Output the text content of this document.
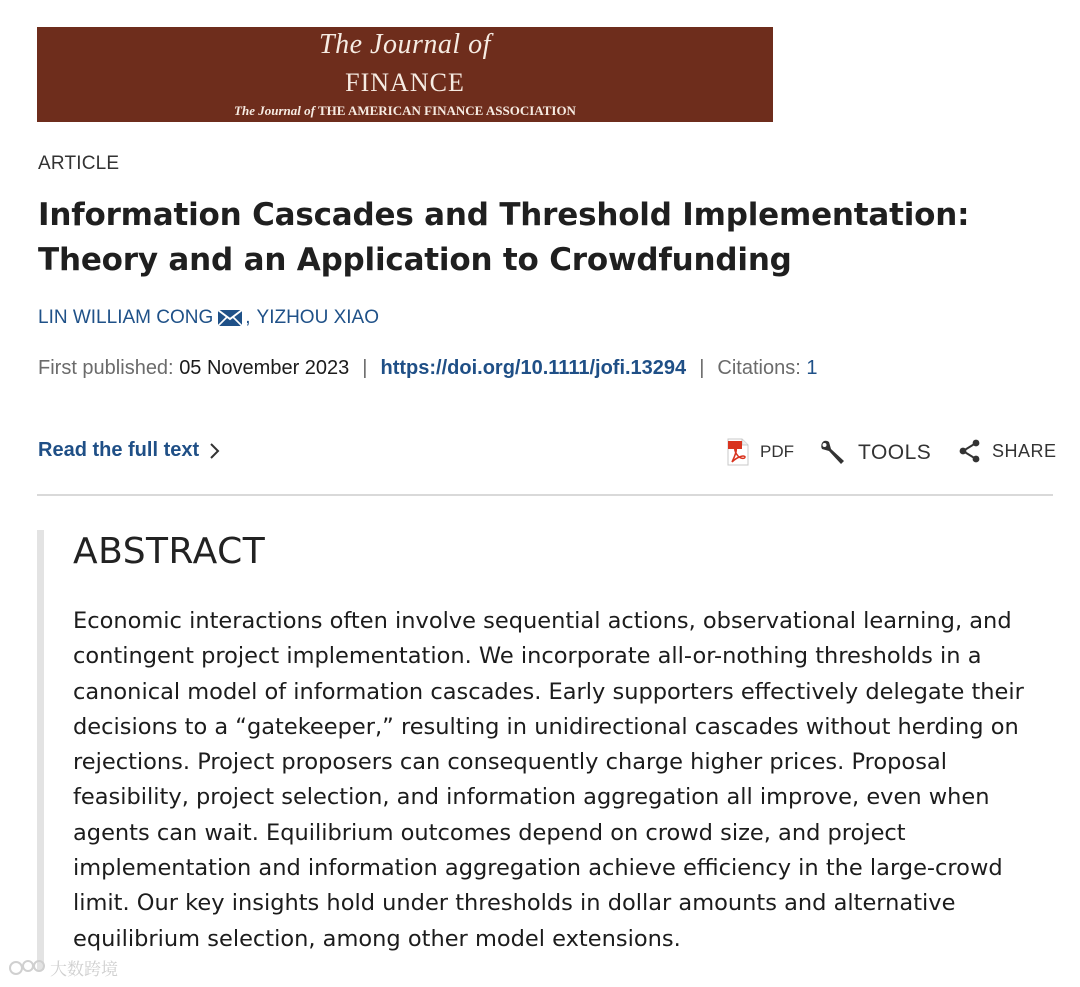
The Journal of
FINANCE
The Journal of THE AMERICAN FINANCE ASSOCIATION
ARTICLE
Information Cascades and Threshold Implementation: Theory and an Application to Crowdfunding
LIN WILLIAM CONG , YIZHOU XIAO
First published:
05 November 2023 | https://doi.org/10.1111/jofi.13294 | Citations:
1
Read the full text	PDF	TOOLS	SHARE
ABSTRACT

Economic interactions often involve sequential actions, observational learning, and contingent project implementation. We incorporate all-or-nothing thresholds in a canonical model of information cascades. Early supporters effectively delegate their decisions to a “gatekeeper,” resulting in unidirectional cascades without herding on rejections. Project proposers can consequently charge higher prices. Proposal feasibility, project selection, and information aggregation all improve, even when agents can wait. Equilibrium outcomes depend on crowd size, and project implementation and information aggregation achieve efficiency in the large-crowd limit. Our key insights hold under thresholds in dollar amounts and alternative equilibrium selection, among other model extensions.

大数跨境
